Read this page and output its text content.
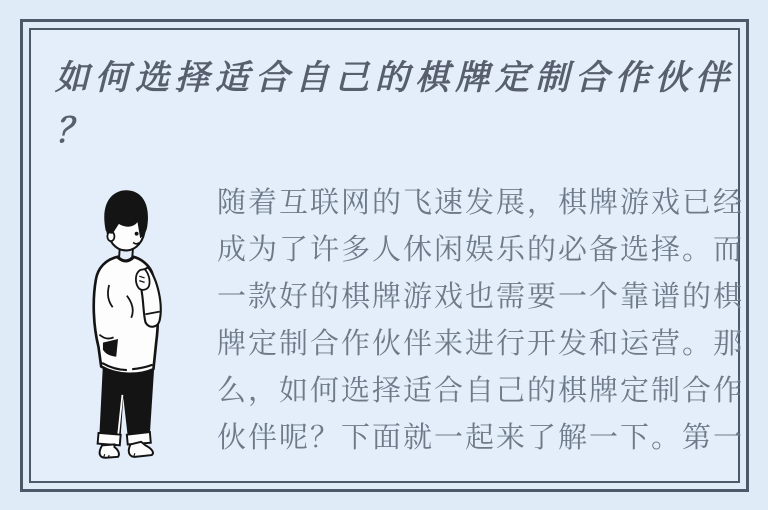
如何选择适合自己的棋牌定制合作伙伴
？
随着互联网的飞速发展，棋牌游戏已经
成为了许多人休闲娱乐的必备选择。而
一款好的棋牌游戏也需要一个靠谱的棋
牌定制合作伙伴来进行开发和运营。那
么，如何选择适合自己的棋牌定制合作
伙伴呢？下面就一起来了解一下。第一
